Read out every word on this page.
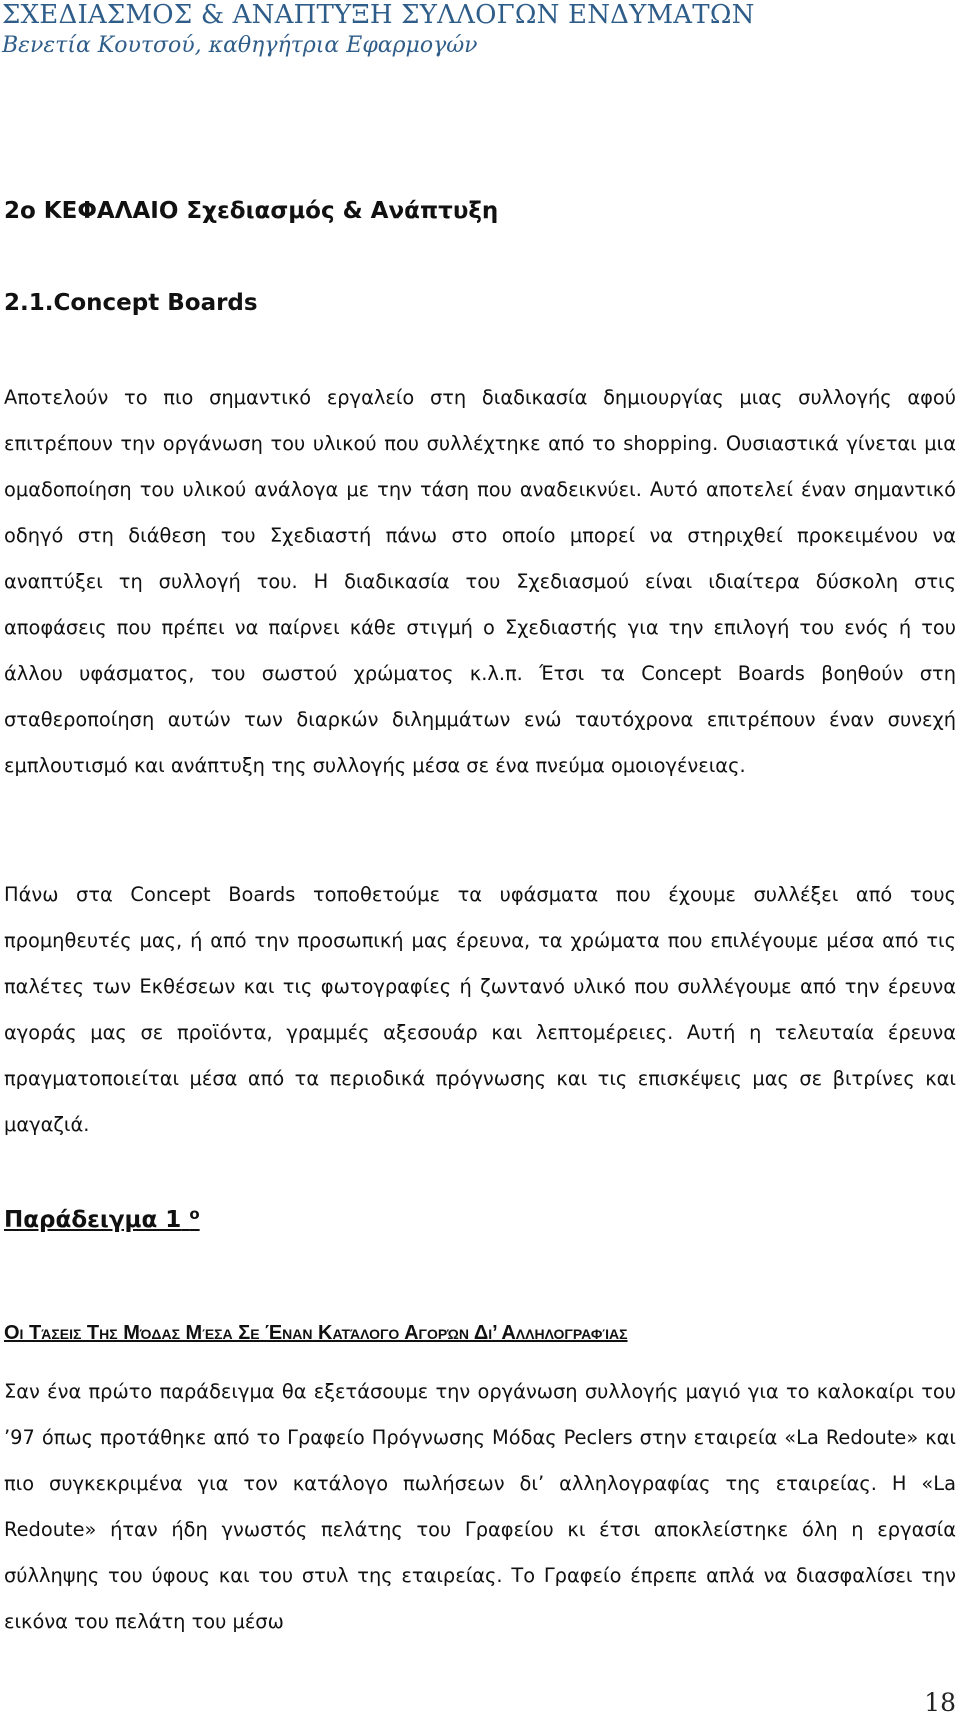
ΣΧΕΔΙΑΣΜΟΣ & ΑΝΑΠΤΥΞΗ ΣΥΛΛΟΓΩΝ ΕΝΔΥΜΑΤΩΝ
Βενετία Κουτσού, καθηγήτρια Εφαρμογών
2ο ΚΕΦΑΛΑΙΟ Σχεδιασμός & Ανάπτυξη
2.1.Concept Boards

Αποτελούν το πιο σημαντικό εργαλείο στη διαδικασία δημιουργίας μιας συλλογής αφού επιτρέπουν την οργάνωση του υλικού που συλλέχτηκε από το shopping. Ουσιαστικά γίνεται μια ομαδοποίηση του υλικού ανάλογα με την τάση που αναδεικνύει. Αυτό αποτελεί έναν σημαντικό οδηγό στη διάθεση του Σχεδιαστή πάνω στο οποίο μπορεί να στηριχθεί προκειμένου να αναπτύξει τη συλλογή του. Η διαδικασία του Σχεδιασμού είναι ιδιαίτερα δύσκολη στις αποφάσεις που πρέπει να παίρνει κάθε στιγμή ο Σχεδιαστής για την επιλογή του ενός ή του άλλου υφάσματος, του σωστού χρώματος κ.λ.π. Έτσι τα Concept Boards βοηθούν στη σταθεροποίηση αυτών των διαρκών διλημμάτων ενώ ταυτόχρονα επιτρέπουν έναν συνεχή εμπλουτισμό και ανάπτυξη της συλλογής μέσα σε ένα πνεύμα ομοιογένειας.

Πάνω στα Concept Boards τοποθετούμε τα υφάσματα που έχουμε συλλέξει από τους προμηθευτές μας, ή από την προσωπική μας έρευνα, τα χρώματα που επιλέγουμε μέσα από τις παλέτες των Εκθέσεων και τις φωτογραφίες ή ζωντανό υλικό που συλλέγουμε από την έρευνα αγοράς μας σε προϊόντα, γραμμές αξεσουάρ και λεπτομέρειες. Αυτή η τελευταία έρευνα πραγματοποιείται μέσα από τα περιοδικά πρόγνωσης και τις επισκέψεις μας σε βιτρίνες και μαγαζιά.

Παράδειγμα 1 $^o$
Οι Τάσεις Της Μόδας Μέσα Σε Έναν Κατάλογο Αγορών Δι’ Αλληλογραφίας

Σαν ένα πρώτο παράδειγμα θα εξετάσουμε την οργάνωση συλλογής μαγιό για το καλοκαίρι του ’97 όπως προτάθηκε από το Γραφείο Πρόγνωσης Μόδας Peclers στην εταιρεία «La Redoute» και πιο συγκεκριμένα για τον κατάλογο πωλήσεων δι’ αλληλογραφίας της εταιρείας. Η «La Redoute» ήταν ήδη γνωστός πελάτης του Γραφείου κι έτσι αποκλείστηκε όλη η εργασία σύλληψης του ύφους και του στυλ της εταιρείας. Το Γραφείο έπρεπε απλά να διασφαλίσει την εικόνα του πελάτη του μέσω

18
